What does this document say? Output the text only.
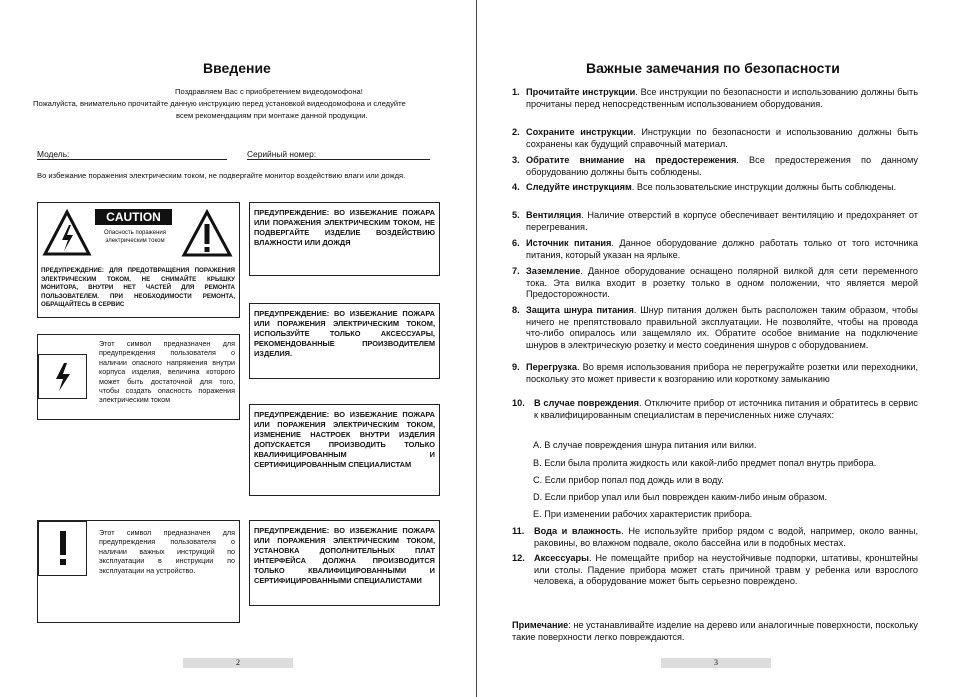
Введение
Поздравляем Вас с приобретением видеодомофона!
Пожалуйста, внимательно прочитайте данную инструкцию перед установкой видеодомофона и следуйте
всем рекомендациям при монтаже данной продукции.
Модель:	Серийный номер:
Во избежание поражения электрическим током, не подвергайте монитор воздействию влаги или дождя.
CAUTION
Опасность поражения электрическим током
ПРЕДУПРЕЖДЕНИЕ: ДЛЯ ПРЕДОТВРАЩЕНИЯ ПОРАЖЕНИЯ ЭЛЕКТРИЧЕСКИМ ТОКОМ, НЕ СНИМАЙТЕ КРЫШКУ МОНИТОРА, ВНУТРИ НЕТ ЧАСТЕЙ ДЛЯ РЕМОНТА ПОЛЬЗОВАТЕЛЕМ. ПРИ НЕОБХОДИМОСТИ РЕМОНТА, ОБРАЩАЙТЕСЬ В СЕРВИС
Этот символ предназначен для предупреждения пользователя о наличии опасного напряжения внутри корпуса изделия, величина которого может быть достаточной для того, чтобы создать опасность поражения электрическим током
Этот символ предназначен для предупреждения пользователя о наличии важных инструкций по эксплуатации в инструкции по эксплуатации на устройство.
ПРЕДУПРЕЖДЕНИЕ: ВО ИЗБЕЖАНИЕ ПОЖАРА ИЛИ ПОРАЖЕНИЯ ЭЛЕКТРИЧЕСКИМ ТОКОМ, НЕ ПОДВЕРГАЙТЕ ИЗДЕЛИЕ ВОЗДЕЙСТВИЮ ВЛАЖНОСТИ ИЛИ ДОЖДЯ
ПРЕДУПРЕЖДЕНИЕ: ВО ИЗБЕЖАНИЕ ПОЖАРА ИЛИ ПОРАЖЕНИЯ ЭЛЕКТРИЧЕСКИМ ТОКОМ, ИСПОЛЬЗУЙТЕ ТОЛЬКО АКСЕССУАРЫ, РЕКОМЕНДОВАННЫЕ ПРОИЗВОДИТЕЛЕМ ИЗДЕЛИЯ.
ПРЕДУПРЕЖДЕНИЕ: ВО ИЗБЕЖАНИЕ ПОЖАРА ИЛИ ПОРАЖЕНИЯ ЭЛЕКТРИЧЕСКИМ ТОКОМ, ИЗМЕНЕНИЕ НАСТРОЕК ВНУТРИ ИЗДЕЛИЯ ДОПУСКАЕТСЯ ПРОИЗВОДИТЬ ТОЛЬКО КВАЛИФИЦИРОВАННЫМ И СЕРТИФИЦИРОВАННЫМ СПЕЦИАЛИСТАМ
ПРЕДУПРЕЖДЕНИЕ: ВО ИЗБЕЖАНИЕ ПОЖАРА ИЛИ ПОРАЖЕНИЯ ЭЛЕКТРИЧЕСКИМ ТОКОМ, УСТАНОВКА ДОПОЛНИТЕЛЬНЫХ ПЛАТ ИНТЕРФЕЙСА ДОЛЖНА ПРОИЗВОДИТСЯ ТОЛЬКО КВАЛИФИЦИРОВАННЫМИ И СЕРТИФИЦИРОВАННЫМИ СПЕЦИАЛИСТАМИ
2
Важные замечания по безопасности
1. Прочитайте инструкции. Все инструкции по безопасности и использованию должны быть прочитаны перед непосредственным использованием оборудования.
2. Сохраните инструкции. Инструкции по безопасности и использованию должны быть сохранены как будущий справочный материал.
3. Обратите внимание на предостережения. Все предостережения по данному оборудованию должны быть соблюдены.
4. Следуйте инструкциям. Все пользовательские инструкции должны быть соблюдены.
5. Вентиляция. Наличие отверстий в корпусе обеспечивает вентиляцию и предохраняет от перегревания.
6. Источник питания. Данное оборудование должно работать только от того источника питания, который указан на ярлыке.
7. Заземление. Данное оборудование оснащено полярной вилкой для сети переменного тока. Эта вилка входит в розетку только в одном положении, что является мерой Предосторожности.
8. Защита шнура питания. Шнур питания должен быть расположен таким образом, чтобы ничего не препятствовало правильной эксплуатации. Не позволяйте, чтобы на провода что-либо опиралось или защемляло их. Обратите особое внимание на подключение шнуров в электрическую розетку и место соединения шнуров с оборудованием.
9. Перегрузка. Во время использования прибора не перегружайте розетки или переходники, поскольку это может привести к возгоранию или короткому замыканию
10. В случае повреждения. Отключите прибор от источника питания и обратитесь в сервис к квалифицированным специалистам в перечисленных ниже случаях:
A. В случае повреждения шнура питания или вилки.
B. Если была пролита жидкость или какой-либо предмет попал внутрь прибора.
C. Если прибор попал под дождь или в воду.
D. Если прибор упал или был поврежден каким-либо иным образом.
E. При изменении рабочих характеристик прибора.
11. Вода и влажность. Не используйте прибор рядом с водой, например, около ванны, раковины, во влажном подвале, около бассейна или в подобных местах.
12. Аксессуары. Не помещайте прибор на неустойчивые подпорки, штативы, кронштейны или столы. Падение прибора может стать причиной травм у ребенка или взрослого человека, а оборудование может быть серьезно повреждено.
Примечание: не устанавливайте изделие на дерево или аналогичные поверхности, поскольку такие поверхности легко повреждаются.
3
